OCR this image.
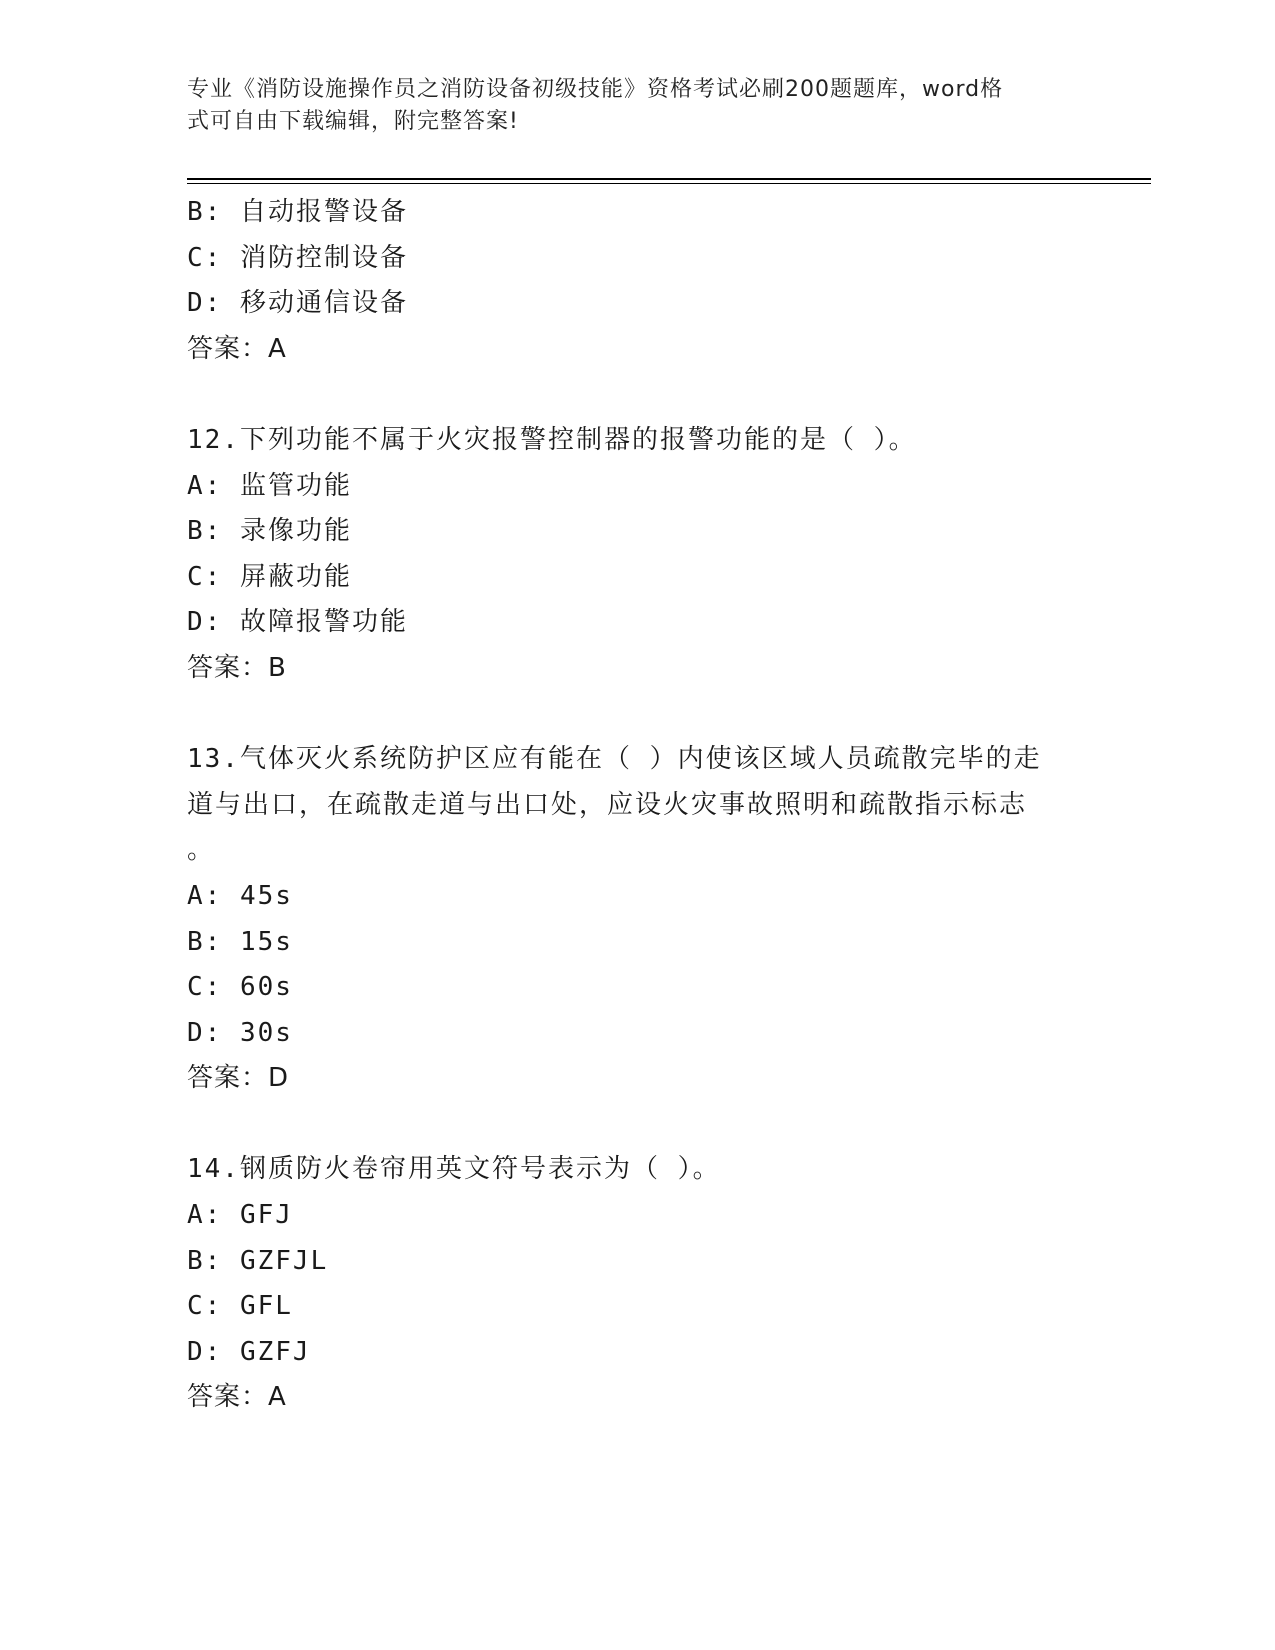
专业《消防设施操作员之消防设备初级技能》资格考试必刷200题题库，word格
式可自由下载编辑，附完整答案!
B: 自动报警设备
C: 消防控制设备
D: 移动通信设备
答案：A
12.下列功能不属于火灾报警控制器的报警功能的是（ ）。
A: 监管功能
B: 录像功能
C: 屏蔽功能
D: 故障报警功能
答案：B
13.气体灭火系统防护区应有能在（ ）内使该区域人员疏散完毕的走
道与出口，在疏散走道与出口处，应设火灾事故照明和疏散指示标志
。
A: 45s
B: 15s
C: 60s
D: 30s
答案：D
14.钢质防火卷帘用英文符号表示为（ ）。
A: GFJ
B: GZFJL
C: GFL
D: GZFJ
答案：A
